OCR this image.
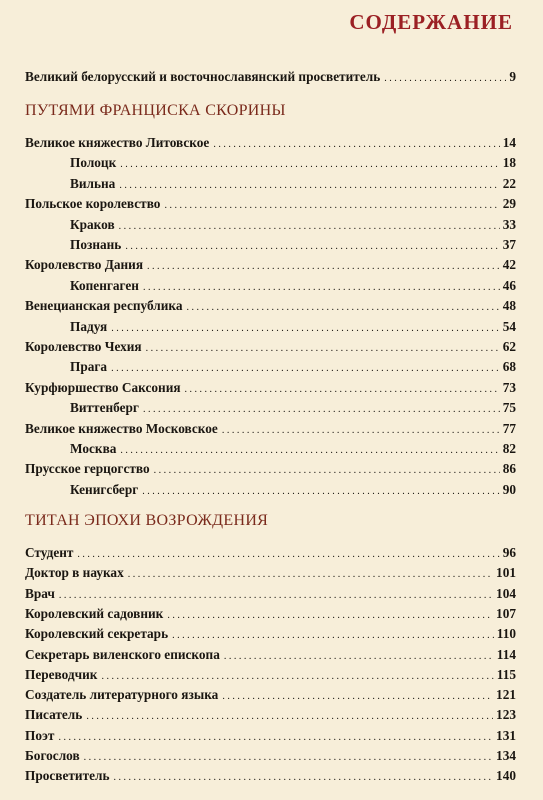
СОДЕРЖАНИЕ
Великий белорусский и восточнославянский просветитель . . .	9
ПУТЯМИ ФРАНЦИСКА СКОРИНЫ
Великое княжество Литовское . . .	14
Полоцк . . .	18
Вильна . . .	22
Польское королевство . . .	29
Краков . . .	33
Познань . . .	37
Королевство Дания . . .	42
Копенгаген . . .	46
Венецианская республика . . .	48
Падуя . . .	54
Королевство Чехия . . .	62
Прага . . .	68
Курфюршество Саксония . . .	73
Виттенберг . . .	75
Великое княжество Московское . . .	77
Москва . . .	82
Прусское герцогство . . .	86
Кенигсберг . . .	90
ТИТАН ЭПОХИ ВОЗРОЖДЕНИЯ
Студент . . .	96
Доктор в науках . . .	101
Врач . . .	104
Королевский садовник . . .	107
Королевский секретарь . . .	110
Секретарь виленского епископа . . .	114
Переводчик . . .	115
Создатель литературного языка . . .	121
Писатель . . .	123
Поэт . . .	131
Богослов . . .	134
Просветитель . . .	140
